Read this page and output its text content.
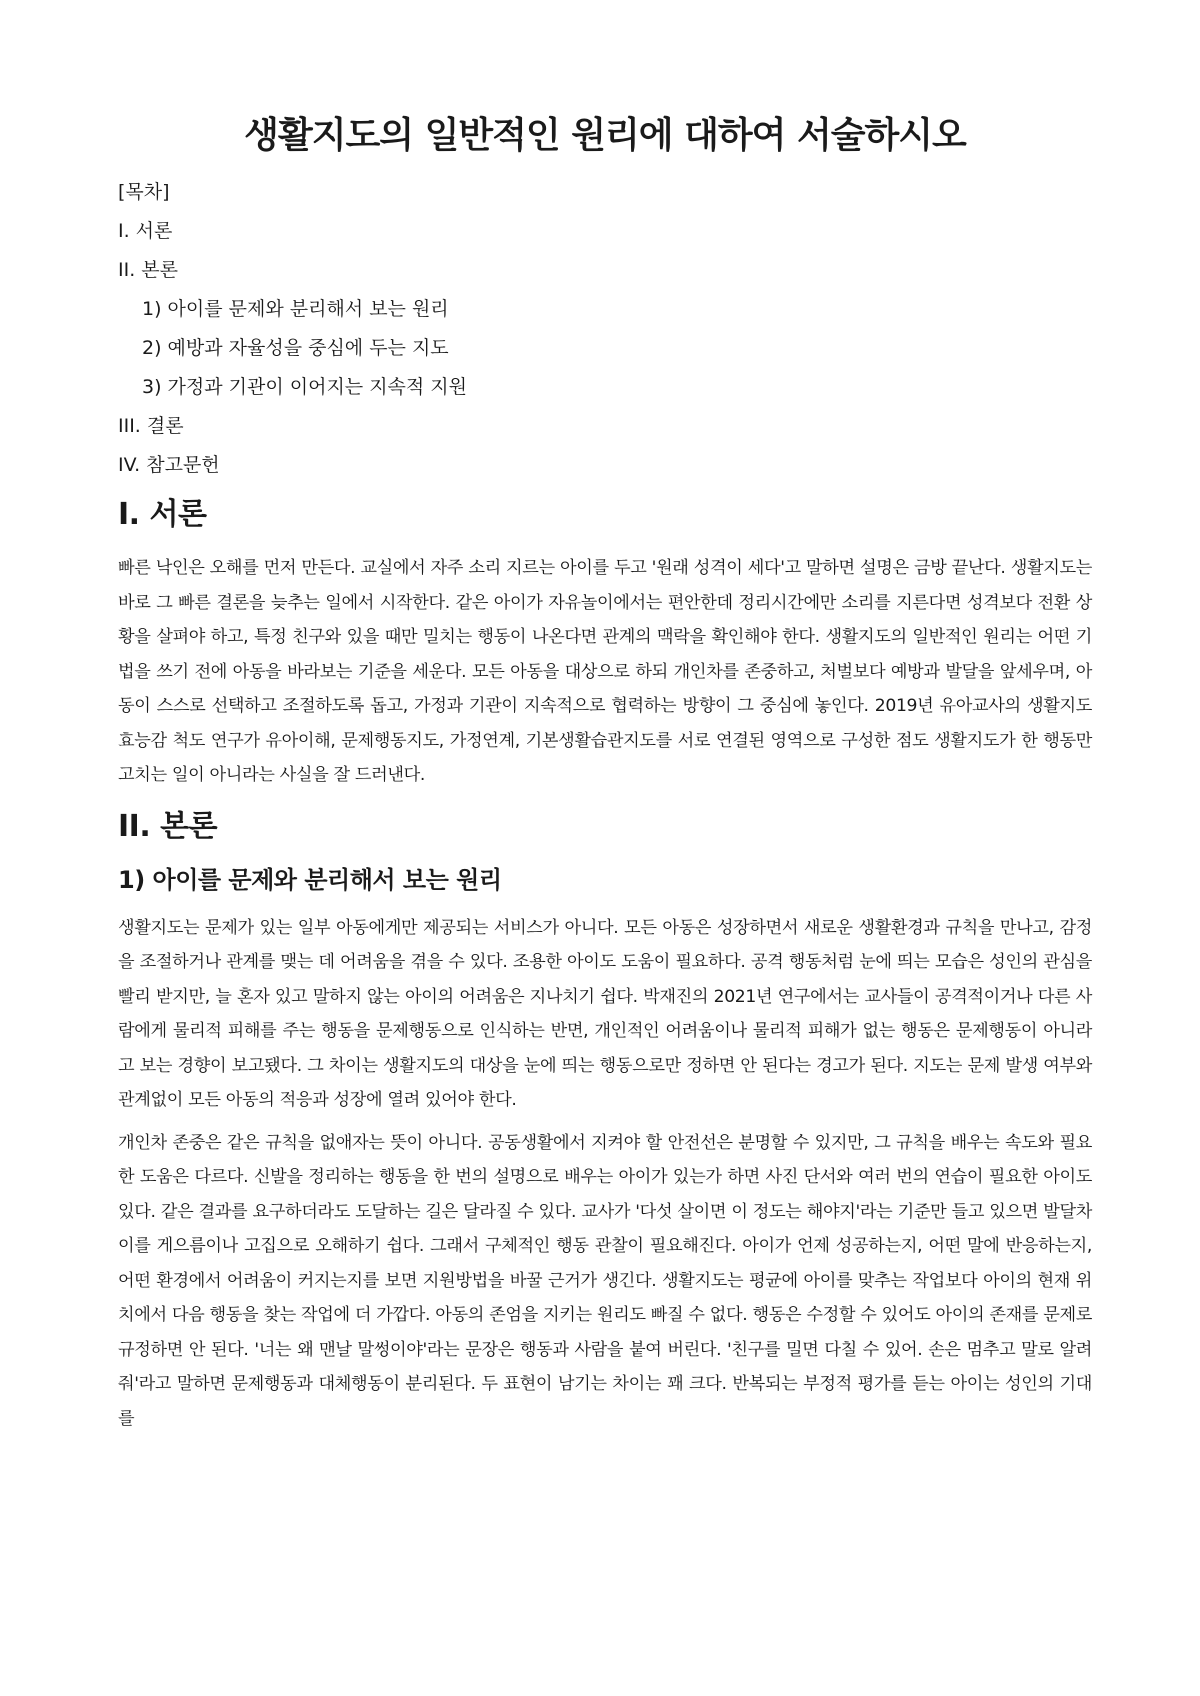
생활지도의 일반적인 원리에 대하여 서술하시오
[목차]
I. 서론
II. 본론
1) 아이를 문제와 분리해서 보는 원리
2) 예방과 자율성을 중심에 두는 지도
3) 가정과 기관이 이어지는 지속적 지원
III. 결론
IV. 참고문헌
I. 서론

빠른 낙인은 오해를 먼저 만든다. 교실에서 자주 소리 지르는 아이를 두고 '원래 성격이 세다'고 말하면 설명은 금방 끝난다. 생활지도는 바로 그 빠른 결론을 늦추는 일에서 시작한다. 같은 아이가 자유놀이에서는 편안한데 정리시간에만 소리를 지른다면 성격보다 전환 상황을 살펴야 하고, 특정 친구와 있을 때만 밀치는 행동이 나온다면 관계의 맥락을 확인해야 한다. 생활지도의 일반적인 원리는 어떤 기법을 쓰기 전에 아동을 바라보는 기준을 세운다. 모든 아동을 대상으로 하되 개인차를 존중하고, 처벌보다 예방과 발달을 앞세우며, 아동이 스스로 선택하고 조절하도록 돕고, 가정과 기관이 지속적으로 협력하는 방향이 그 중심에 놓인다. 2019년 유아교사의 생활지도 효능감 척도 연구가 유아이해, 문제행동지도, 가정연계, 기본생활습관지도를 서로 연결된 영역으로 구성한 점도 생활지도가 한 행동만 고치는 일이 아니라는 사실을 잘 드러낸다.

II. 본론
1) 아이를 문제와 분리해서 보는 원리

생활지도는 문제가 있는 일부 아동에게만 제공되는 서비스가 아니다. 모든 아동은 성장하면서 새로운 생활환경과 규칙을 만나고, 감정을 조절하거나 관계를 맺는 데 어려움을 겪을 수 있다. 조용한 아이도 도움이 필요하다. 공격 행동처럼 눈에 띄는 모습은 성인의 관심을 빨리 받지만, 늘 혼자 있고 말하지 않는 아이의 어려움은 지나치기 쉽다. 박재진의 2021년 연구에서는 교사들이 공격적이거나 다른 사람에게 물리적 피해를 주는 행동을 문제행동으로 인식하는 반면, 개인적인 어려움이나 물리적 피해가 없는 행동은 문제행동이 아니라고 보는 경향이 보고됐다. 그 차이는 생활지도의 대상을 눈에 띄는 행동으로만 정하면 안 된다는 경고가 된다. 지도는 문제 발생 여부와 관계없이 모든 아동의 적응과 성장에 열려 있어야 한다.

개인차 존중은 같은 규칙을 없애자는 뜻이 아니다. 공동생활에서 지켜야 할 안전선은 분명할 수 있지만, 그 규칙을 배우는 속도와 필요한 도움은 다르다. 신발을 정리하는 행동을 한 번의 설명으로 배우는 아이가 있는가 하면 사진 단서와 여러 번의 연습이 필요한 아이도 있다. 같은 결과를 요구하더라도 도달하는 길은 달라질 수 있다. 교사가 '다섯 살이면 이 정도는 해야지'라는 기준만 들고 있으면 발달차이를 게으름이나 고집으로 오해하기 쉽다. 그래서 구체적인 행동 관찰이 필요해진다. 아이가 언제 성공하는지, 어떤 말에 반응하는지, 어떤 환경에서 어려움이 커지는지를 보면 지원방법을 바꿀 근거가 생긴다. 생활지도는 평균에 아이를 맞추는 작업보다 아이의 현재 위치에서 다음 행동을 찾는 작업에 더 가깝다. 아동의 존엄을 지키는 원리도 빠질 수 없다. 행동은 수정할 수 있어도 아이의 존재를 문제로 규정하면 안 된다. '너는 왜 맨날 말썽이야'라는 문장은 행동과 사람을 붙여 버린다. '친구를 밀면 다칠 수 있어. 손은 멈추고 말로 알려줘'라고 말하면 문제행동과 대체행동이 분리된다. 두 표현이 남기는 차이는 꽤 크다. 반복되는 부정적 평가를 듣는 아이는 성인의 기대를
